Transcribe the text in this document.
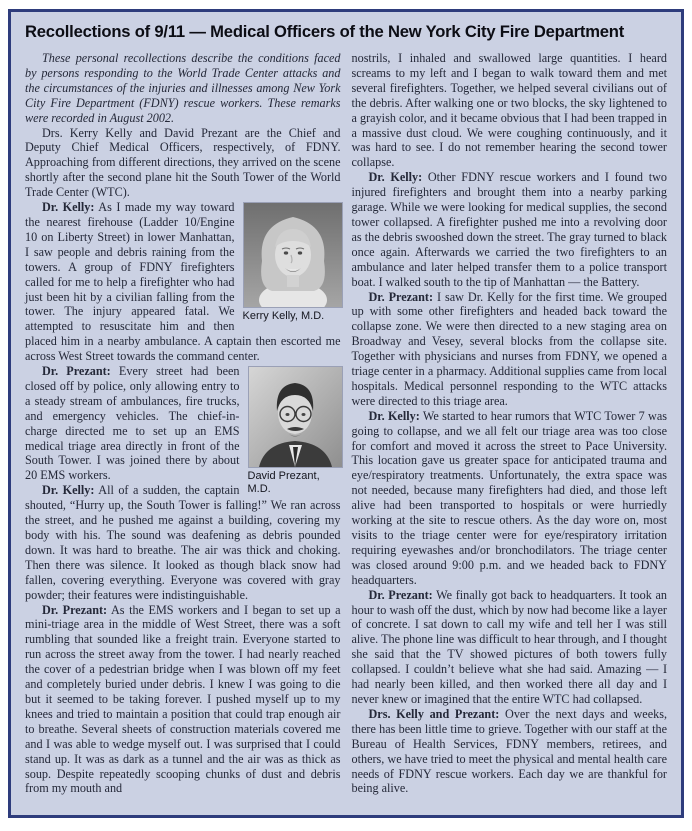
Recollections of 9/11 — Medical Officers of the New York City Fire Department
These personal recollections describe the conditions faced by persons responding to the World Trade Center attacks and the circumstances of the injuries and illnesses among New York City Fire Department (FDNY) rescue workers. These remarks were recorded in August 2002.
Drs. Kerry Kelly and David Prezant are the Chief and Deputy Chief Medical Officers, respectively, of FDNY. Approaching from different directions, they arrived on the scene shortly after the second plane hit the South Tower of the World Trade Center (WTC).
Kerry Kelly, M.D.
Dr. Kelly: As I made my way toward the nearest firehouse (Ladder 10/Engine 10 on Liberty Street) in lower Manhattan, I saw people and debris raining from the towers. A group of FDNY firefighters called for me to help a firefighter who had just been hit by a civilian falling from the tower. The injury appeared fatal. We attempted to resuscitate him and then placed him in a nearby ambulance. A captain then escorted me across West Street towards the command center.
David Prezant, M.D.
Dr. Prezant: Every street had been closed off by police, only allowing entry to a steady stream of ambulances, fire trucks, and emergency vehicles. The chief-in-charge directed me to set up an EMS medical triage area directly in front of the South Tower. I was joined there by about 20 EMS workers.
Dr. Kelly: All of a sudden, the captain shouted, “Hurry up, the South Tower is falling!” We ran across the street, and he pushed me against a building, covering my body with his. The sound was deafening as debris pounded down. It was hard to breathe. The air was thick and choking. Then there was silence. It looked as though black snow had fallen, covering everything. Everyone was covered with gray powder; their features were indistinguishable.
Dr. Prezant: As the EMS workers and I began to set up a mini-triage area in the middle of West Street, there was a soft rumbling that sounded like a freight train. Everyone started to run across the street away from the tower. I had nearly reached the cover of a pedestrian bridge when I was blown off my feet and completely buried under debris. I knew I was going to die but it seemed to be taking forever. I pushed myself up to my knees and tried to maintain a position that could trap enough air to breathe. Several sheets of construction materials covered me and I was able to wedge myself out. I was surprised that I could stand up. It was as dark as a tunnel and the air was as thick as soup. Despite repeatedly scooping chunks of dust and debris from my mouth and
nostrils, I inhaled and swallowed large quantities. I heard screams to my left and I began to walk toward them and met several firefighters. Together, we helped several civilians out of the debris. After walking one or two blocks, the sky lightened to a grayish color, and it became obvious that I had been trapped in a massive dust cloud. We were coughing continuously, and it was hard to see. I do not remember hearing the second tower collapse.
Dr. Kelly: Other FDNY rescue workers and I found two injured firefighters and brought them into a nearby parking garage. While we were looking for medical supplies, the second tower collapsed. A firefighter pushed me into a revolving door as the debris swooshed down the street. The gray turned to black once again. Afterwards we carried the two firefighters to an ambulance and later helped transfer them to a police transport boat. I walked south to the tip of Manhattan — the Battery.
Dr. Prezant: I saw Dr. Kelly for the first time. We grouped up with some other firefighters and headed back toward the collapse zone. We were then directed to a new staging area on Broadway and Vesey, several blocks from the collapse site. Together with physicians and nurses from FDNY, we opened a triage center in a pharmacy. Additional supplies came from local hospitals. Medical personnel responding to the WTC attacks were directed to this triage area.
Dr. Kelly: We started to hear rumors that WTC Tower 7 was going to collapse, and we all felt our triage area was too close for comfort and moved it across the street to Pace University. This location gave us greater space for anticipated trauma and eye/respiratory treatments. Unfortunately, the extra space was not needed, because many firefighters had died, and those left alive had been transported to hospitals or were hurriedly working at the site to rescue others. As the day wore on, most visits to the triage center were for eye/respiratory irritation requiring eyewashes and/or bronchodilators. The triage center was closed around 9:00 p.m. and we headed back to FDNY headquarters.
Dr. Prezant: We finally got back to headquarters. It took an hour to wash off the dust, which by now had become like a layer of concrete. I sat down to call my wife and tell her I was still alive. The phone line was difficult to hear through, and I thought she said that the TV showed pictures of both towers fully collapsed. I couldn’t believe what she had said. Amazing — I had nearly been killed, and then worked there all day and I never knew or imagined that the entire WTC had collapsed.
Drs. Kelly and Prezant: Over the next days and weeks, there has been little time to grieve. Together with our staff at the Bureau of Health Services, FDNY members, retirees, and others, we have tried to meet the physical and mental health care needs of FDNY rescue workers. Each day we are thankful for being alive.
